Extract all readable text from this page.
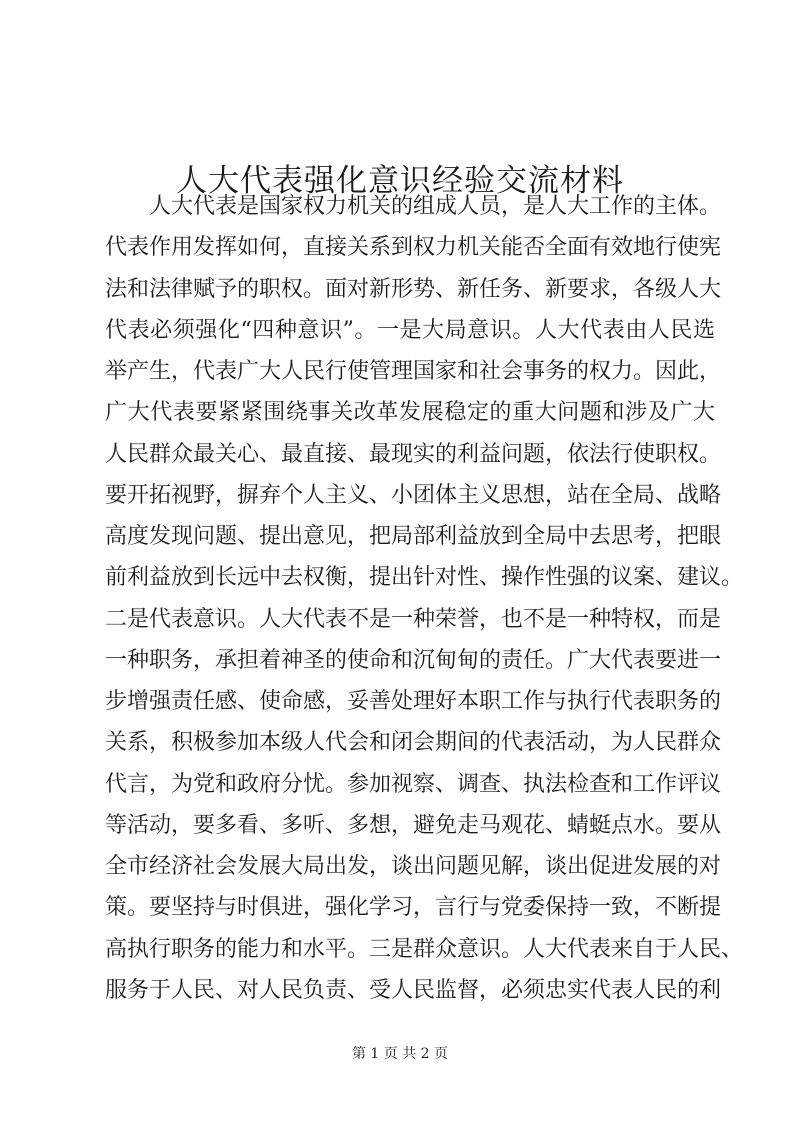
人大代表强化意识经验交流材料
人大代表是国家权力机关的组成人员，是人大工作的主体。
代表作用发挥如何，直接关系到权力机关能否全面有效地行使宪
法和法律赋予的职权。面对新形势、新任务、新要求，各级人大
代表必须强化“四种意识”。一是大局意识。人大代表由人民选
举产生，代表广大人民行使管理国家和社会事务的权力。因此，
广大代表要紧紧围绕事关改革发展稳定的重大问题和涉及广大
人民群众最关心、最直接、最现实的利益问题，依法行使职权。
要开拓视野，摒弃个人主义、小团体主义思想，站在全局、战略
高度发现问题、提出意见，把局部利益放到全局中去思考，把眼
前利益放到长远中去权衡，提出针对性、操作性强的议案、建议。
二是代表意识。人大代表不是一种荣誉，也不是一种特权，而是
一种职务，承担着神圣的使命和沉甸甸的责任。广大代表要进一
步增强责任感、使命感，妥善处理好本职工作与执行代表职务的
关系，积极参加本级人代会和闭会期间的代表活动，为人民群众
代言，为党和政府分忧。参加视察、调查、执法检查和工作评议
等活动，要多看、多听、多想，避免走马观花、蜻蜓点水。要从
全市经济社会发展大局出发，谈出问题见解，谈出促进发展的对
策。要坚持与时俱进，强化学习，言行与党委保持一致，不断提
高执行职务的能力和水平。三是群众意识。人大代表来自于人民、
服务于人民、对人民负责、受人民监督，必须忠实代表人民的利
第 1 页 共 2 页
